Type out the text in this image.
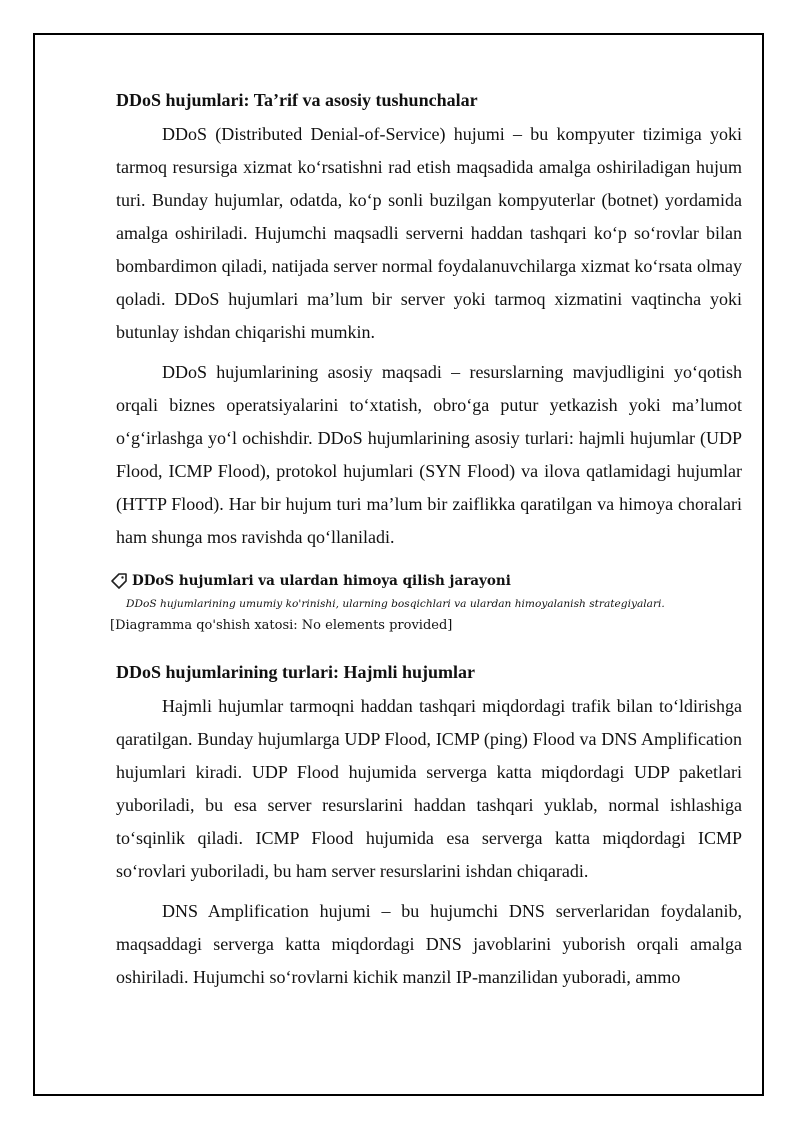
DDoS hujumlari: Ta’rif va asosiy tushunchalar

DDoS (Distributed Denial-of-Service) hujumi – bu kompyuter tizimiga yoki tarmoq resursiga xizmat ko‘rsatishni rad etish maqsadida amalga oshiriladigan hujum turi. Bunday hujumlar, odatda, ko‘p sonli buzilgan kompyuterlar (botnet) yordamida amalga oshiriladi. Hujumchi maqsadli serverni haddan tashqari ko‘p so‘rovlar bilan bombardimon qiladi, natijada server normal foydalanuvchilarga xizmat ko‘rsata olmay qoladi. DDoS hujumlari ma’lum bir server yoki tarmoq xizmatini vaqtincha yoki butunlay ishdan chiqarishi mumkin.

DDoS hujumlarining asosiy maqsadi – resurslarning mavjudligini yo‘qotish orqali biznes operatsiyalarini to‘xtatish, obro‘ga putur yetkazish yoki ma’lumot o‘g‘irlashga yo‘l ochishdir. DDoS hujumlarining asosiy turlari: hajmli hujumlar (UDP Flood, ICMP Flood), protokol hujumlari (SYN Flood) va ilova qatlamidagi hujumlar (HTTP Flood). Har bir hujum turi ma’lum bir zaiflikka qaratilgan va himoya choralari ham shunga mos ravishda qo‘llaniladi.

DDoS hujumlari va ulardan himoya qilish jarayoni
DDoS hujumlarining umumiy ko'rinishi, ularning bosqichlari va ulardan himoyalanish strategiyalari.
[Diagramma qo'shish xatosi: No elements provided]
DDoS hujumlarining turlari: Hajmli hujumlar

Hajmli hujumlar tarmoqni haddan tashqari miqdordagi trafik bilan to‘ldirishga qaratilgan. Bunday hujumlarga UDP Flood, ICMP (ping) Flood va DNS Amplification hujumlari kiradi. UDP Flood hujumida serverga katta miqdordagi UDP paketlari yuboriladi, bu esa server resurslarini haddan tashqari yuklab, normal ishlashiga to‘sqinlik qiladi. ICMP Flood hujumida esa serverga katta miqdordagi ICMP so‘rovlari yuboriladi, bu ham server resurslarini ishdan chiqaradi.

DNS Amplification hujumi – bu hujumchi DNS serverlaridan foydalanib, maqsaddagi serverga katta miqdordagi DNS javoblarini yuborish orqali amalga oshiriladi. Hujumchi so‘rovlarni kichik manzil IP-manzilidan yuboradi, ammo
